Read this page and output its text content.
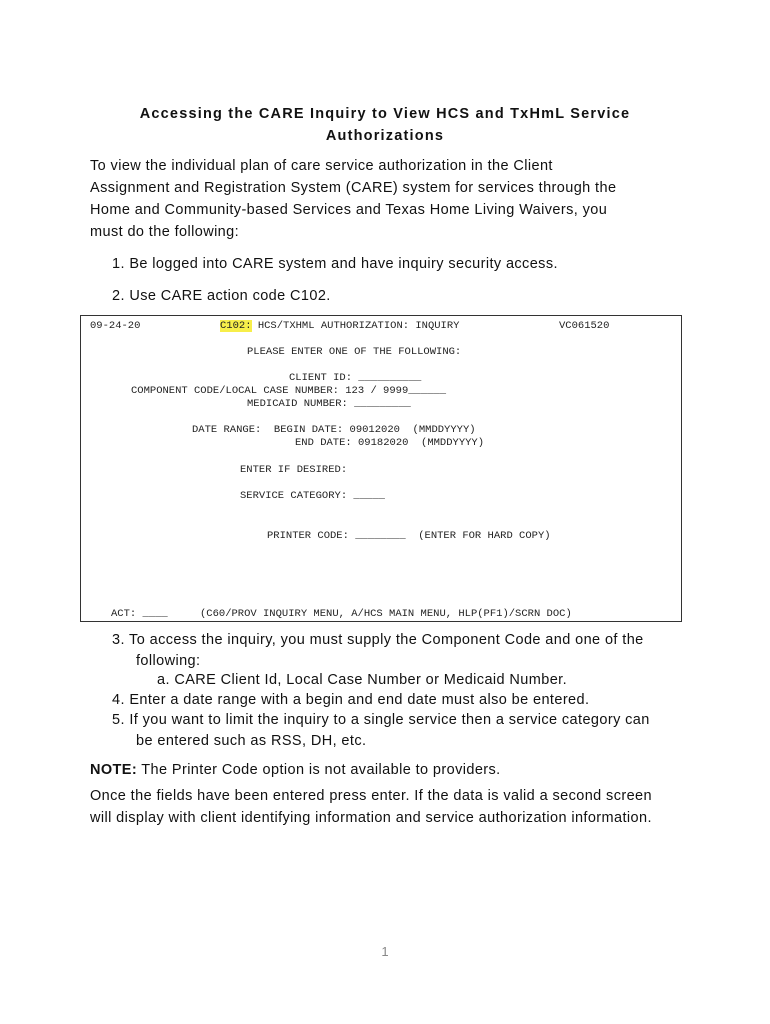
Accessing the CARE Inquiry to View HCS and TxHmL Service
Authorizations
To view the individual plan of care service authorization in the Client
Assignment and Registration System (CARE) system for services through the
Home and Community-based Services and Texas Home Living Waivers, you
must do the following:
1. Be logged into CARE system and have inquiry security access.
2. Use CARE action code C102.
09-24-20	C102: HCS/TXHML AUTHORIZATION: INQUIRY	VC061520
PLEASE ENTER ONE OF THE FOLLOWING:
CLIENT ID: __________
COMPONENT CODE/LOCAL CASE NUMBER: 123 / 9999______
MEDICAID NUMBER: _________
DATE RANGE:  BEGIN DATE: 09012020  (MMDDYYYY)
END DATE: 09182020  (MMDDYYYY)
ENTER IF DESIRED:
SERVICE CATEGORY: _____
PRINTER CODE: ________  (ENTER FOR HARD COPY)
ACT: ____	(C60/PROV INQUIRY MENU, A/HCS MAIN MENU, HLP(PF1)/SCRN DOC)
3. To access the inquiry, you must supply the Component Code and one of the
following:
a. CARE Client Id, Local Case Number or Medicaid Number.
4. Enter a date range with a begin and end date must also be entered.
5. If you want to limit the inquiry to a single service then a service category can
be entered such as RSS, DH, etc.
NOTE: The Printer Code option is not available to providers.
Once the fields have been entered press enter. If the data is valid a second screen
will display with client identifying information and service authorization information.
1
